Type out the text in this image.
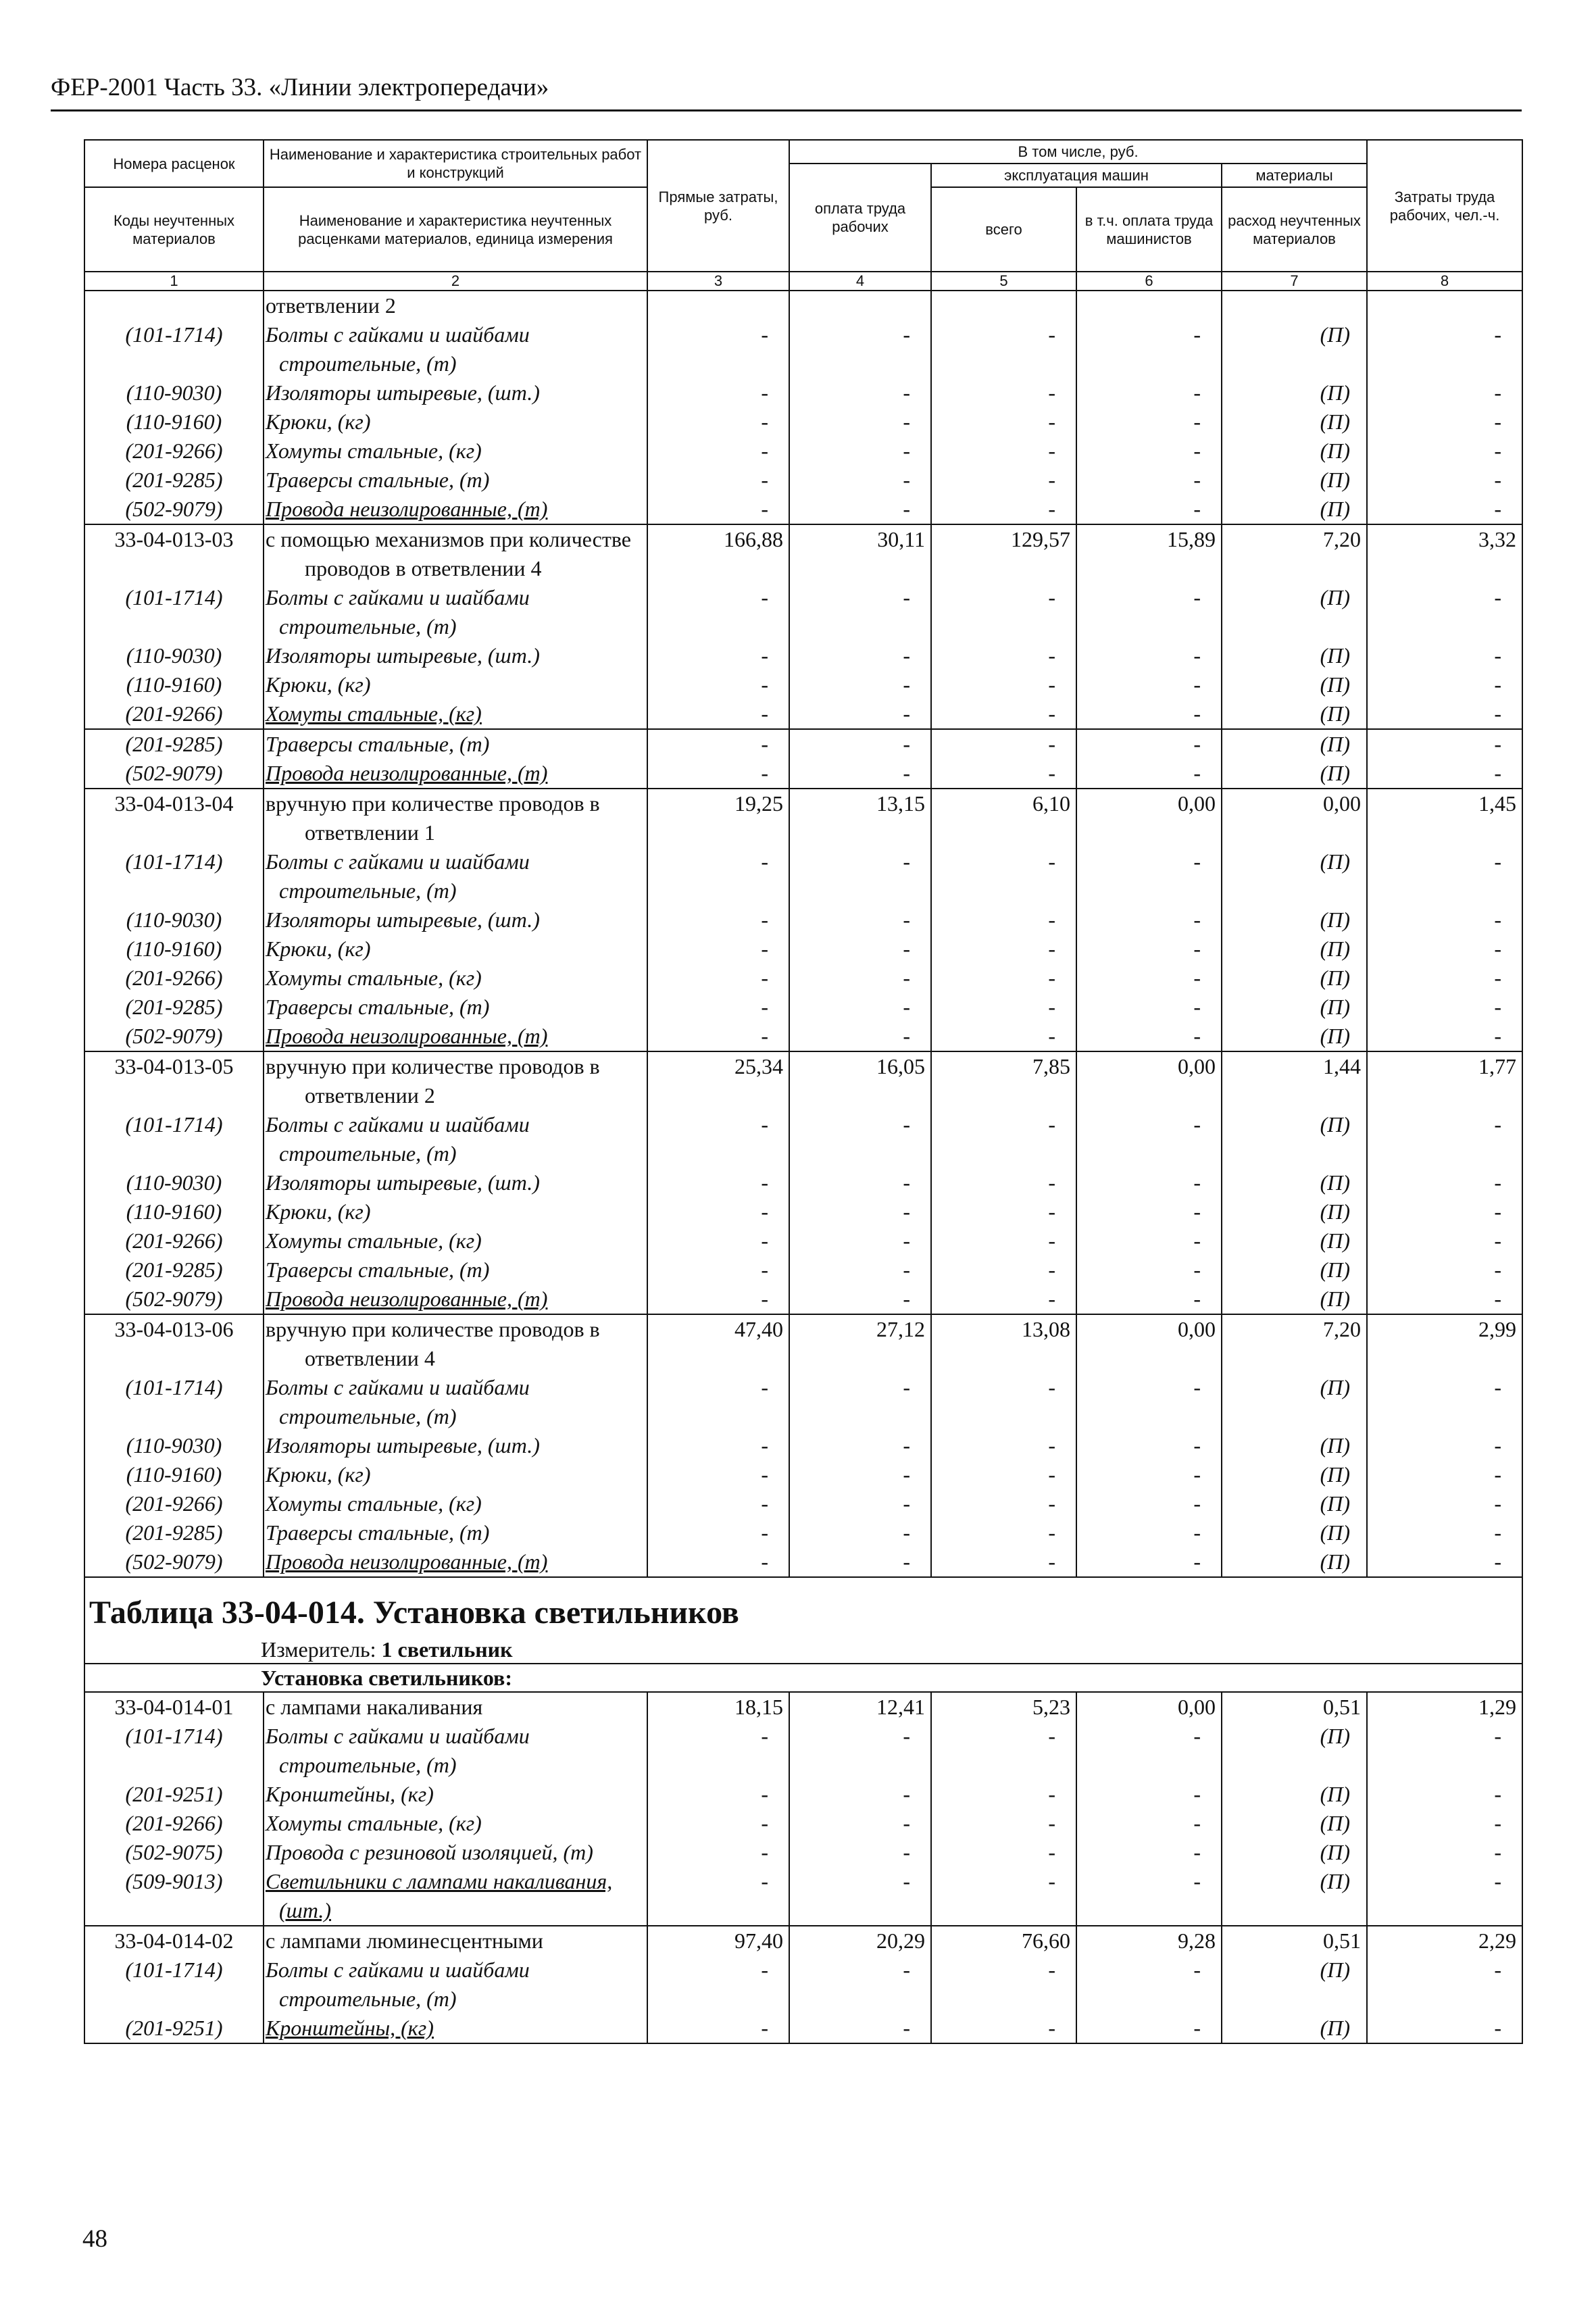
ФЕР-2001 Часть 33. «Линии электропередачи»
Номера расценок	Наименование и характеристика строительных работ и конструкций	Прямые затраты, руб.	В том числе, руб.				Затраты труда рабочих, чел.-ч.
			оплата труда рабочих	эксплуатация машин		материалы	
Коды неучтенных материалов	Наименование и характеристика неучтенных расценками материалов, единица измерения			всего	в т.ч. оплата труда машинистов	расход неучтенных материалов	

1	2	3	4	5	6	7	8
	ответвлении 2						
(101-1714)	Болты с гайками и шайбами строительные, (т)	-	-	-	-	(П)	-
(110-9030)	Изоляторы штыревые, (шт.)	-	-	-	-	(П)	-
(110-9160)	Крюки, (кг)	-	-	-	-	(П)	-
(201-9266)	Хомуты стальные, (кг)	-	-	-	-	(П)	-
(201-9285)	Траверсы стальные, (т)	-	-	-	-	(П)	-
(502-9079)	Провода неизолированные, (т)	-	-	-	-	(П)	-
33-04-013-03	с помощью механизмов при количестве проводов в ответвлении 4	166,88	30,11	129,57	15,89	7,20	3,32
(101-1714)	Болты с гайками и шайбами строительные, (т)	-	-	-	-	(П)	-
(110-9030)	Изоляторы штыревые, (шт.)	-	-	-	-	(П)	-
(110-9160)	Крюки, (кг)	-	-	-	-	(П)	-
(201-9266)	Хомуты стальные, (кг)	-	-	-	-	(П)	-
(201-9285)	Траверсы стальные, (т)	-	-	-	-	(П)	-
(502-9079)	Провода неизолированные, (т)	-	-	-	-	(П)	-
33-04-013-04	вручную при количестве проводов в ответвлении 1	19,25	13,15	6,10	0,00	0,00	1,45
(101-1714)	Болты с гайками и шайбами строительные, (т)	-	-	-	-	(П)	-
(110-9030)	Изоляторы штыревые, (шт.)	-	-	-	-	(П)	-
(110-9160)	Крюки, (кг)	-	-	-	-	(П)	-
(201-9266)	Хомуты стальные, (кг)	-	-	-	-	(П)	-
(201-9285)	Траверсы стальные, (т)	-	-	-	-	(П)	-
(502-9079)	Провода неизолированные, (т)	-	-	-	-	(П)	-
33-04-013-05	вручную при количестве проводов в ответвлении 2	25,34	16,05	7,85	0,00	1,44	1,77
(101-1714)	Болты с гайками и шайбами строительные, (т)	-	-	-	-	(П)	-
(110-9030)	Изоляторы штыревые, (шт.)	-	-	-	-	(П)	-
(110-9160)	Крюки, (кг)	-	-	-	-	(П)	-
(201-9266)	Хомуты стальные, (кг)	-	-	-	-	(П)	-
(201-9285)	Траверсы стальные, (т)	-	-	-	-	(П)	-
(502-9079)	Провода неизолированные, (т)	-	-	-	-	(П)	-
33-04-013-06	вручную при количестве проводов в ответвлении 4	47,40	27,12	13,08	0,00	7,20	2,99
(101-1714)	Болты с гайками и шайбами строительные, (т)	-	-	-	-	(П)	-
(110-9030)	Изоляторы штыревые, (шт.)	-	-	-	-	(П)	-
(110-9160)	Крюки, (кг)	-	-	-	-	(П)	-
(201-9266)	Хомуты стальные, (кг)	-	-	-	-	(П)	-
(201-9285)	Траверсы стальные, (т)	-	-	-	-	(П)	-
(502-9079)	Провода неизолированные, (т)	-	-	-	-	(П)	-
Таблица 33-04-014. Установка светильников							
Измеритель: 1 светильник							
Установка светильников:							
33-04-014-01	с лампами накаливания	18,15	12,41	5,23	0,00	0,51	1,29
(101-1714)	Болты с гайками и шайбами строительные, (т)	-	-	-	-	(П)	-
(201-9251)	Кронштейны, (кг)	-	-	-	-	(П)	-
(201-9266)	Хомуты стальные, (кг)	-	-	-	-	(П)	-
(502-9075)	Провода с резиновой изоляцией, (т)	-	-	-	-	(П)	-
(509-9013)	Светильники с лампами накаливания, (шт.)	-	-	-	-	(П)	-
33-04-014-02	с лампами люминесцентными	97,40	20,29	76,60	9,28	0,51	2,29
(101-1714)	Болты с гайками и шайбами строительные, (т)	-	-	-	-	(П)	-
(201-9251)	Кронштейны, (кг)	-	-	-	-	(П)	-
48
